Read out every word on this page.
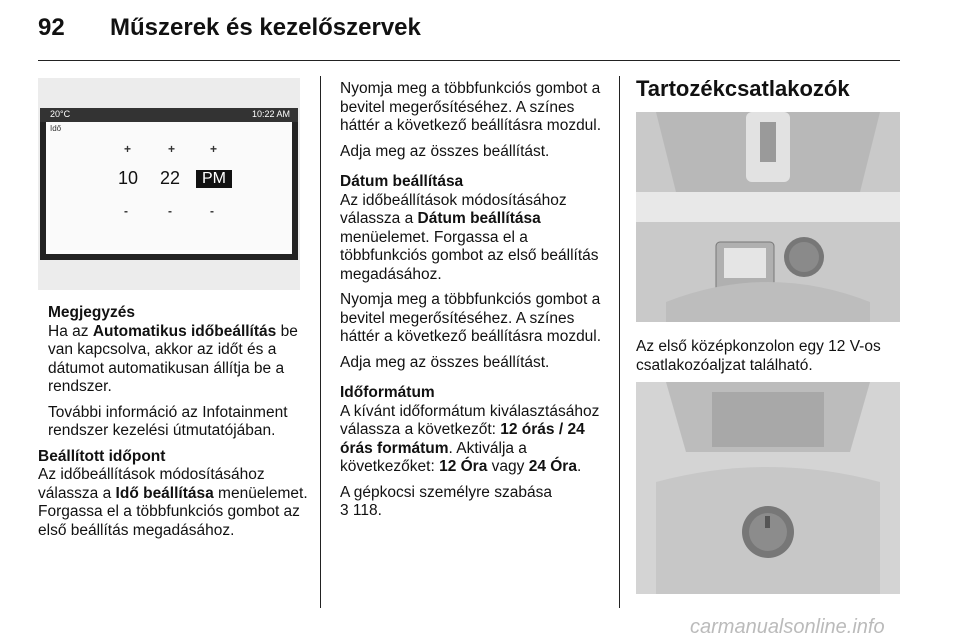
92 Műszerek és kezelőszervek
20°C	10:22 AM
Idő
+	+	+
10 22	PM
-	-	-
Megjegyzés

Ha az Automatikus időbeállítás be van kapcsolva, akkor az időt és a dátumot automatikusan állítja be a rendszer.

További információ az Infotainment rendszer kezelési útmutatójában.

Beállított időpont

Az időbeállítások módosításához válassza a Idő beállítása menüelemet. Forgassa el a többfunkciós gombot az első beállítás megadásához.

Nyomja meg a többfunkciós gombot a bevitel megerősítéséhez. A színes háttér a következő beállításra mozdul.

Adja meg az összes beállítást.

Dátum beállítása

Az időbeállítások módosításához válassza a Dátum beállítása menüelemet. Forgassa el a többfunkciós gombot az első beállítás megadásához.

Nyomja meg a többfunkciós gombot a bevitel megerősítéséhez. A színes háttér a következő beállításra mozdul.

Adja meg az összes beállítást.

Időformátum

A kívánt időformátum kiválasztásához válassza a következőt: 12 órás / 24 órás formátum. Aktiválja a következőket: 12 Óra vagy 24 Óra.

A gépkocsi személyre szabása
3 118.

Tartozékcsatlakozók
Az első középkonzolon egy 12 V-os csatlakozóaljzat található.
carmanualsonline.info
